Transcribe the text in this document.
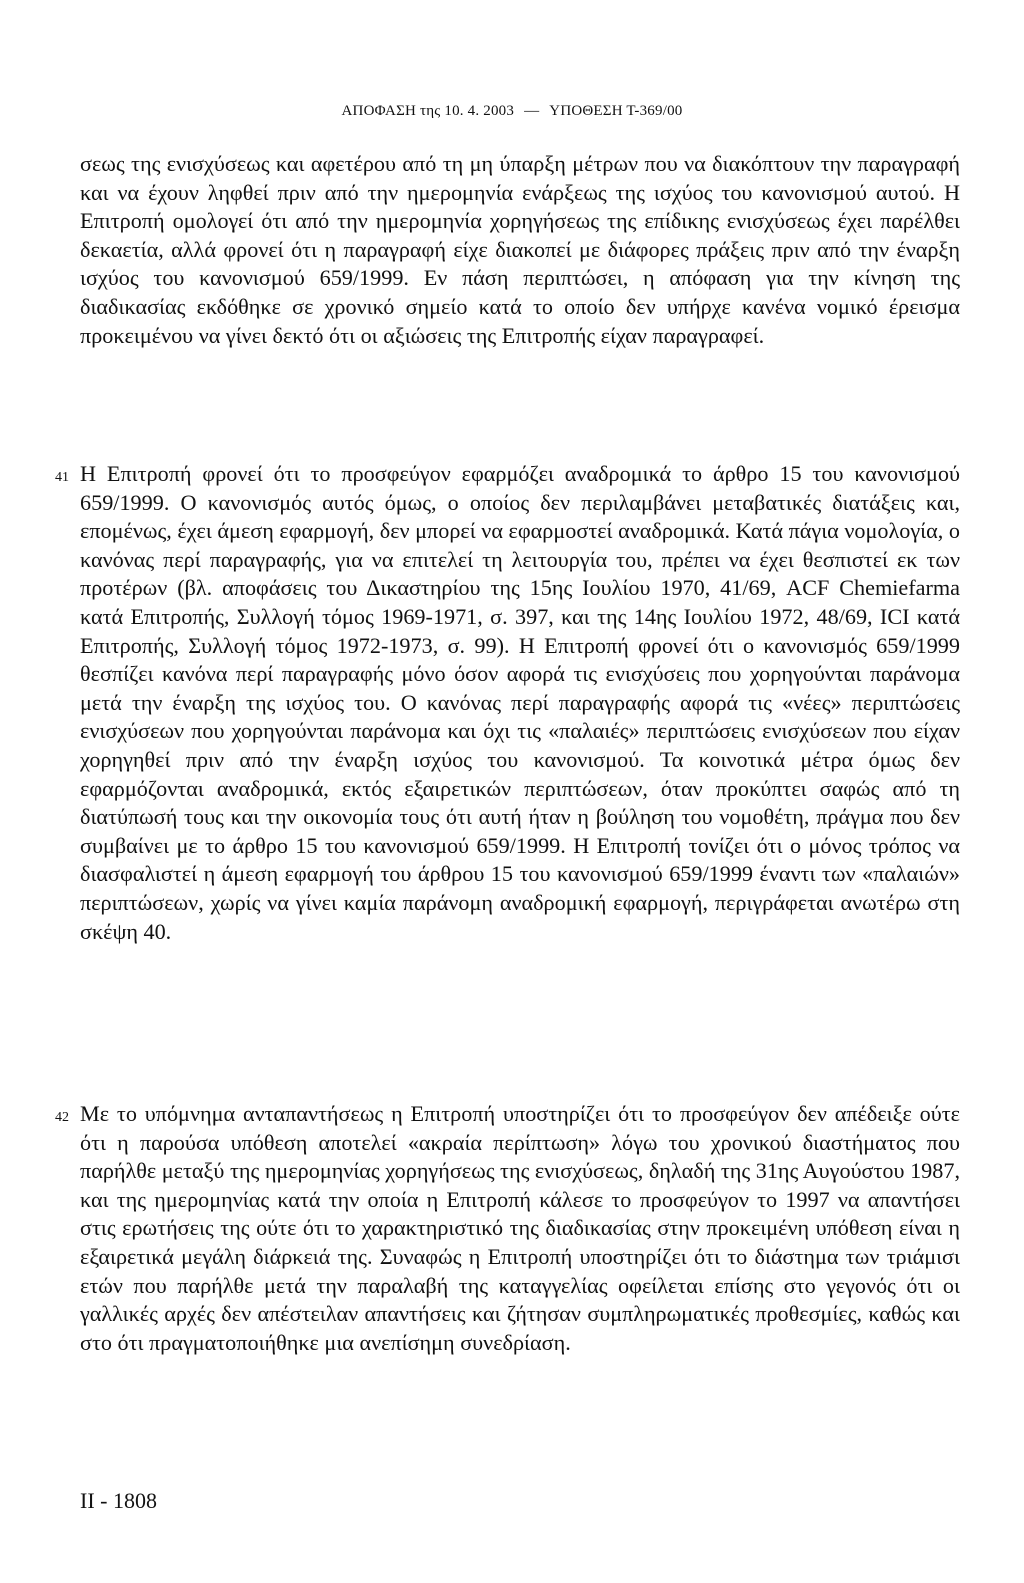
ΑΠΟΦΑΣΗ της 10. 4. 2003 — ΥΠΟΘΕΣΗ Τ-369/00

σεως της ενισχύσεως και αφετέρου από τη μη ύπαρξη μέτρων που να διακόπτουν την παραγραφή και να έχουν ληφθεί πριν από την ημερομηνία ενάρξεως της ισχύος του κανονισμού αυτού. Η Επιτροπή ομολογεί ότι από την ημερομηνία χορηγήσεως της επίδικης ενισχύσεως έχει παρέλθει δεκαετία, αλλά φρονεί ότι η παραγραφή είχε διακοπεί με διάφορες πράξεις πριν από την έναρξη ισχύος του κανονισμού 659/1999. Εν πάση περιπτώσει, η απόφαση για την κίνηση της διαδικασίας εκδόθηκε σε χρονικό σημείο κατά το οποίο δεν υπήρχε κανένα νομικό έρεισμα προκειμένου να γίνει δεκτό ότι οι αξιώσεις της Επιτροπής είχαν παραγραφεί.

41 Η Επιτροπή φρονεί ότι το προσφεύγον εφαρμόζει αναδρομικά το άρθρο 15 του κανονισμού 659/1999. Ο κανονισμός αυτός όμως, ο οποίος δεν περιλαμβάνει μεταβατικές διατάξεις και, επομένως, έχει άμεση εφαρμογή, δεν μπορεί να εφαρμοστεί αναδρομικά. Κατά πάγια νομολογία, ο κανόνας περί παραγραφής, για να επιτελεί τη λειτουργία του, πρέπει να έχει θεσπιστεί εκ των προτέρων (βλ. αποφάσεις του Δικαστηρίου της 15ης Ιουλίου 1970, 41/69, ACF Chemiefarma κατά Επιτροπής, Συλλογή τόμος 1969-1971, σ. 397, και της 14ης Ιουλίου 1972, 48/69, ICI κατά Επιτροπής, Συλλογή τόμος 1972-1973, σ. 99). Η Επιτροπή φρονεί ότι ο κανονισμός 659/1999 θεσπίζει κανόνα περί παραγραφής μόνο όσον αφορά τις ενισχύσεις που χορηγούνται παράνομα μετά την έναρξη της ισχύος του. Ο κανόνας περί παραγραφής αφορά τις «νέες» περιπτώσεις ενισχύσεων που χορηγούνται παράνομα και όχι τις «παλαιές» περιπτώσεις ενισχύσεων που είχαν χορηγηθεί πριν από την έναρξη ισχύος του κανονισμού. Τα κοινοτικά μέτρα όμως δεν εφαρμόζονται αναδρομικά, εκτός εξαιρετικών περιπτώσεων, όταν προκύπτει σαφώς από τη διατύπωσή τους και την οικονομία τους ότι αυτή ήταν η βούληση του νομοθέτη, πράγμα που δεν συμβαίνει με το άρθρο 15 του κανονισμού 659/1999. Η Επιτροπή τονίζει ότι ο μόνος τρόπος να διασφαλιστεί η άμεση εφαρμογή του άρθρου 15 του κανονισμού 659/1999 έναντι των «παλαιών» περιπτώσεων, χωρίς να γίνει καμία παράνομη αναδρομική εφαρμογή, περιγράφεται ανωτέρω στη σκέψη 40.

42 Με το υπόμνημα ανταπαντήσεως η Επιτροπή υποστηρίζει ότι το προσφεύγον δεν απέδειξε ούτε ότι η παρούσα υπόθεση αποτελεί «ακραία περίπτωση» λόγω του χρονικού διαστήματος που παρήλθε μεταξύ της ημερομηνίας χορηγήσεως της ενισχύσεως, δηλαδή της 31ης Αυγούστου 1987, και της ημερομηνίας κατά την οποία η Επιτροπή κάλεσε το προσφεύγον το 1997 να απαντήσει στις ερωτήσεις της ούτε ότι το χαρακτηριστικό της διαδικασίας στην προκειμένη υπόθεση είναι η εξαιρετικά μεγάλη διάρκειά της. Συναφώς η Επιτροπή υποστηρίζει ότι το διάστημα των τριάμισι ετών που παρήλθε μετά την παραλαβή της καταγγελίας οφείλεται επίσης στο γεγονός ότι οι γαλλικές αρχές δεν απέστειλαν απαντήσεις και ζήτησαν συμπληρωματικές προθεσμίες, καθώς και στο ότι πραγματοποιήθηκε μια ανεπίσημη συνεδρίαση.

II - 1808
